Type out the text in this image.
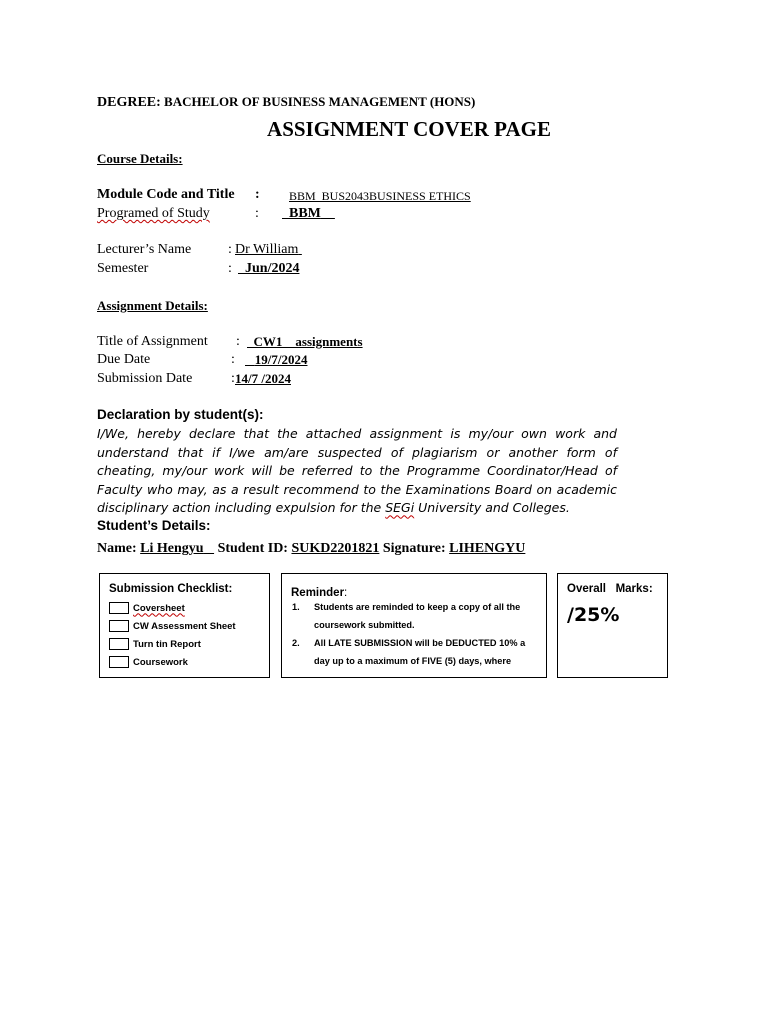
DEGREE: BACHELOR OF BUSINESS MANAGEMENT (HONS)
ASSIGNMENT COVER PAGE
Course Details:
Module Code and Title : BBM_BUS2043BUSINESS ETHICS
Programed of Study	:	BBM
Lecturer’s Name	: Dr William
Semester	: Jun/2024
Assignment Details:
Title of Assignment :	CW1    assignments
Due Date	:	19/7/2024
Submission Date	: 14/7 /2024
Declaration by student(s):
I/We, hereby declare that the attached assignment is my/our own work and understand that if I/we am/are suspected of plagiarism or another form of cheating, my/our work will be referred to the Programme Coordinator/Head of Faculty who may, as a result recommend to the Examinations Board on academic disciplinary action including expulsion for the SEGi University and Colleges.
Student’s Details:
Name: Li Hengyu Student ID: SUKD2201821 Signature: LIHENGYU
Submission Checklist:
Coversheet
CW Assessment Sheet
Turn tin Report
Coursework
Reminder:
1.	Students are reminded to keep a copy of all the
coursework submitted.
2.	All LATE SUBMISSION will be DEDUCTED 10% a
day up to a maximum of FIVE (5) days, where
Overall   Marks:
/25%
